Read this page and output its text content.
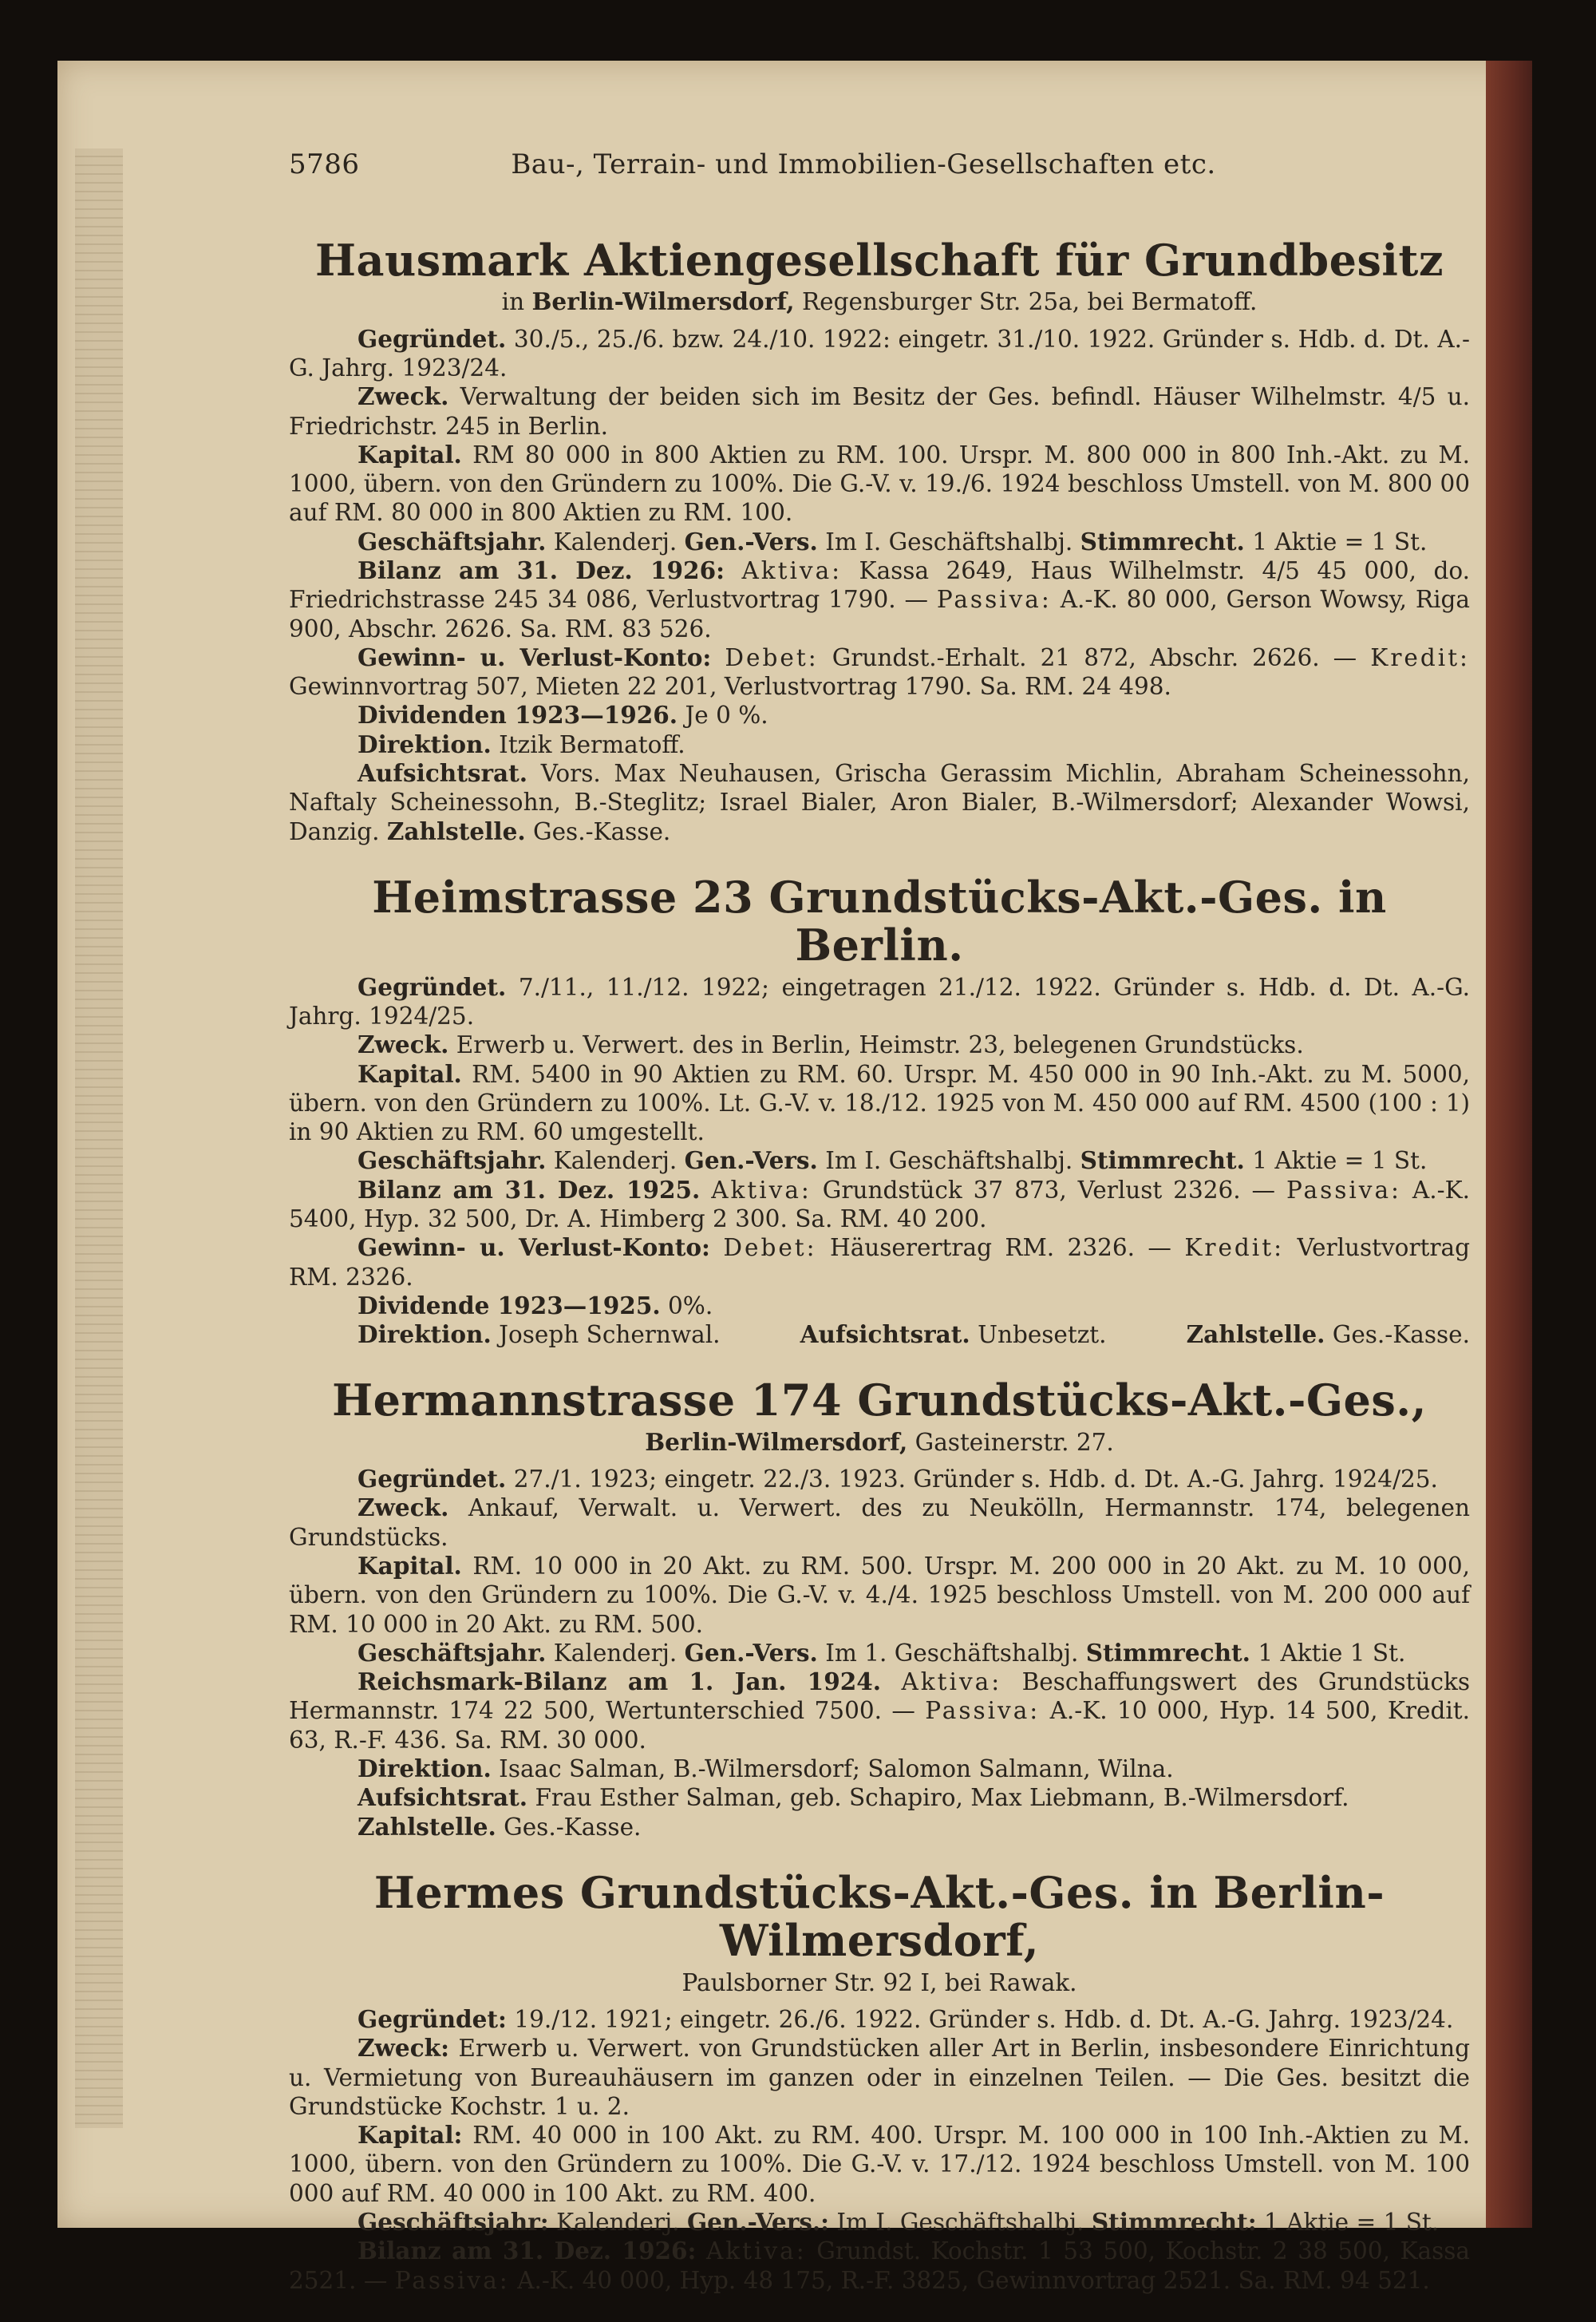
5786	Bau-, Terrain- und Immobilien-Gesellschaften etc.
Hausmark Aktiengesellschaft für Grundbesitz
in Berlin-Wilmersdorf, Regensburger Str. 25a, bei Bermatoff.

Gegründet. 30./5., 25./6. bzw. 24./10. 1922: eingetr. 31./10. 1922. Gründer s. Hdb. d. Dt. A.-G. Jahrg. 1923/24.

Zweck. Verwaltung der beiden sich im Besitz der Ges. befindl. Häuser Wilhelmstr. 4/5 u. Friedrichstr. 245 in Berlin.

Kapital. RM 80 000 in 800 Aktien zu RM. 100. Urspr. M. 800 000 in 800 Inh.-Akt. zu M. 1000, übern. von den Gründern zu 100%. Die G.-V. v. 19./6. 1924 beschloss Umstell. von M. 800 00 auf RM. 80 000 in 800 Aktien zu RM. 100.

Geschäftsjahr. Kalenderj. Gen.-Vers. Im I. Geschäftshalbj. Stimmrecht. 1 Aktie = 1 St.

Bilanz am 31. Dez. 1926: Aktiva: Kassa 2649, Haus Wilhelmstr. 4/5 45 000, do. Friedrichstrasse 245 34 086, Verlustvortrag 1790. — Passiva: A.-K. 80 000, Gerson Wowsy, Riga 900, Abschr. 2626. Sa. RM. 83 526.

Gewinn- u. Verlust-Konto: Debet: Grundst.-Erhalt. 21 872, Abschr. 2626. — Kredit: Gewinnvortrag 507, Mieten 22 201, Verlustvortrag 1790. Sa. RM. 24 498.

Dividenden 1923—1926. Je 0 %.

Direktion. Itzik Bermatoff.

Aufsichtsrat. Vors. Max Neuhausen, Grischa Gerassim Michlin, Abraham Scheinessohn, Naftaly Scheinessohn, B.-Steglitz; Israel Bialer, Aron Bialer, B.-Wilmersdorf; Alexander Wowsi, Danzig. Zahlstelle. Ges.-Kasse.

Heimstrasse 23 Grundstücks-Akt.-Ges. in Berlin.

Gegründet. 7./11., 11./12. 1922; eingetragen 21./12. 1922. Gründer s. Hdb. d. Dt. A.-G. Jahrg. 1924/25.

Zweck. Erwerb u. Verwert. des in Berlin, Heimstr. 23, belegenen Grundstücks.

Kapital. RM. 5400 in 90 Aktien zu RM. 60. Urspr. M. 450 000 in 90 Inh.-Akt. zu M. 5000, übern. von den Gründern zu 100%. Lt. G.-V. v. 18./12. 1925 von M. 450 000 auf RM. 4500 (100 : 1) in 90 Aktien zu RM. 60 umgestellt.

Geschäftsjahr. Kalenderj. Gen.-Vers. Im I. Geschäftshalbj. Stimmrecht. 1 Aktie = 1 St.

Bilanz am 31. Dez. 1925. Aktiva: Grundstück 37 873, Verlust 2326. — Passiva: A.-K. 5400, Hyp. 32 500, Dr. A. Himberg 2 300. Sa. RM. 40 200.

Gewinn- u. Verlust-Konto: Debet: Häuserertrag RM. 2326. — Kredit: Verlustvortrag RM. 2326.

Dividende 1923—1925. 0%.

Direktion. Joseph Schernwal.	Aufsichtsrat. Unbesetzt.	Zahlstelle. Ges.-Kasse.
Hermannstrasse 174 Grundstücks-Akt.-Ges.,
Berlin-Wilmersdorf, Gasteinerstr. 27.

Gegründet. 27./1. 1923; eingetr. 22./3. 1923. Gründer s. Hdb. d. Dt. A.-G. Jahrg. 1924/25.

Zweck. Ankauf, Verwalt. u. Verwert. des zu Neukölln, Hermannstr. 174, belegenen Grundstücks.

Kapital. RM. 10 000 in 20 Akt. zu RM. 500. Urspr. M. 200 000 in 20 Akt. zu M. 10 000, übern. von den Gründern zu 100%. Die G.-V. v. 4./4. 1925 beschloss Umstell. von M. 200 000 auf RM. 10 000 in 20 Akt. zu RM. 500.

Geschäftsjahr. Kalenderj. Gen.-Vers. Im 1. Geschäftshalbj. Stimmrecht. 1 Aktie 1 St.

Reichsmark-Bilanz am 1. Jan. 1924. Aktiva: Beschaffungswert des Grundstücks Hermannstr. 174 22 500, Wertunterschied 7500. — Passiva: A.-K. 10 000, Hyp. 14 500, Kredit. 63, R.-F. 436. Sa. RM. 30 000.

Direktion. Isaac Salman, B.-Wilmersdorf; Salomon Salmann, Wilna.

Aufsichtsrat. Frau Esther Salman, geb. Schapiro, Max Liebmann, B.-Wilmersdorf.

Zahlstelle. Ges.-Kasse.

Hermes Grundstücks-Akt.-Ges. in Berlin-Wilmersdorf,
Paulsborner Str. 92 I, bei Rawak.

Gegründet: 19./12. 1921; eingetr. 26./6. 1922. Gründer s. Hdb. d. Dt. A.-G. Jahrg. 1923/24.

Zweck: Erwerb u. Verwert. von Grundstücken aller Art in Berlin, insbesondere Einrichtung u. Vermietung von Bureauhäusern im ganzen oder in einzelnen Teilen. — Die Ges. besitzt die Grundstücke Kochstr. 1 u. 2.

Kapital: RM. 40 000 in 100 Akt. zu RM. 400. Urspr. M. 100 000 in 100 Inh.-Aktien zu M. 1000, übern. von den Gründern zu 100%. Die G.-V. v. 17./12. 1924 beschloss Umstell. von M. 100 000 auf RM. 40 000 in 100 Akt. zu RM. 400.

Geschäftsjahr: Kalenderj. Gen.-Vers.: Im I. Geschäftshalbj. Stimmrecht: 1 Aktie = 1 St.

Bilanz am 31. Dez. 1926: Aktiva: Grundst. Kochstr. 1 53 500, Kochstr. 2 38 500, Kassa 2521. — Passiva: A.-K. 40 000, Hyp. 48 175, R.-F. 3825, Gewinnvortrag 2521. Sa. RM. 94 521.
